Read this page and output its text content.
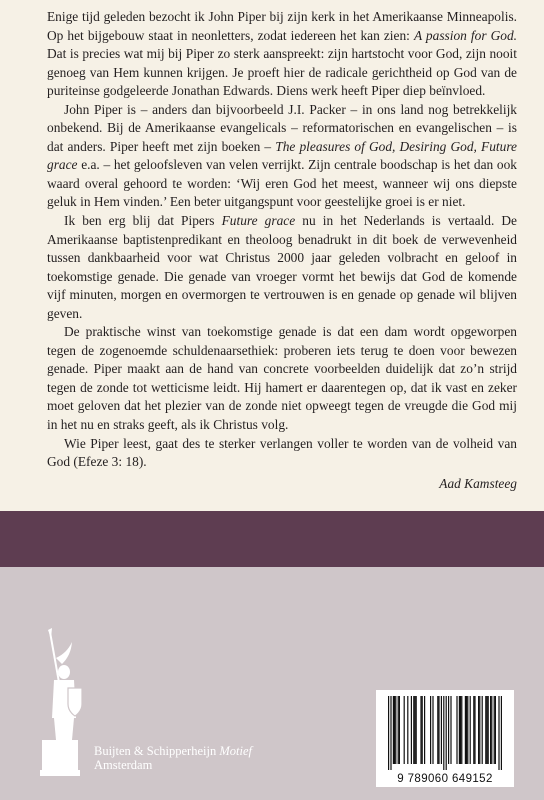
Enige tijd geleden bezocht ik John Piper bij zijn kerk in het Amerikaanse Minneapolis. Op het bijgebouw staat in neonletters, zodat iedereen het kan zien: A passion for God. Dat is precies wat mij bij Piper zo sterk aanspreekt: zijn hartstocht voor God, zijn nooit genoeg van Hem kunnen krijgen. Je proeft hier de radicale gerichtheid op God van de puriteinse godgeleerde Jonathan Edwards. Diens werk heeft Piper diep beïnvloed.

John Piper is – anders dan bijvoorbeeld J.I. Packer – in ons land nog betrekkelijk onbekend. Bij de Amerikaanse evangelicals – reformatorischen en evangelischen – is dat anders. Piper heeft met zijn boeken – The pleasures of God, Desiring God, Future grace e.a. – het geloofsleven van velen verrijkt. Zijn centrale boodschap is het dan ook waard overal gehoord te worden: ‘Wij eren God het meest, wanneer wij ons diepste geluk in Hem vinden.’ Een beter uitgangspunt voor geestelijke groei is er niet.

Ik ben erg blij dat Pipers Future grace nu in het Nederlands is vertaald. De Amerikaanse baptistenpredikant en theoloog benadrukt in dit boek de verwevenheid tussen dankbaarheid voor wat Christus 2000 jaar geleden volbracht en geloof in toekomstige genade. Die genade van vroeger vormt het bewijs dat God de komende vijf minuten, morgen en overmorgen te vertrouwen is en genade op genade wil blijven geven.

De praktische winst van toekomstige genade is dat een dam wordt opgeworpen tegen de zogenoemde schuldenaarsethiek: proberen iets terug te doen voor bewezen genade. Piper maakt aan de hand van concrete voorbeelden duidelijk dat zo’n strijd tegen de zonde tot wetticisme leidt. Hij hamert er daarentegen op, dat ik vast en zeker moet geloven dat het plezier van de zonde niet opweegt tegen de vreugde die God mij in het nu en straks geeft, als ik Christus volg.

Wie Piper leest, gaat des te sterker verlangen voller te worden van de volheid van God (Efeze 3: 18).

Aad Kamsteeg
Buijten & Schipperheijn Motief
Amsterdam
9 789060 649152
